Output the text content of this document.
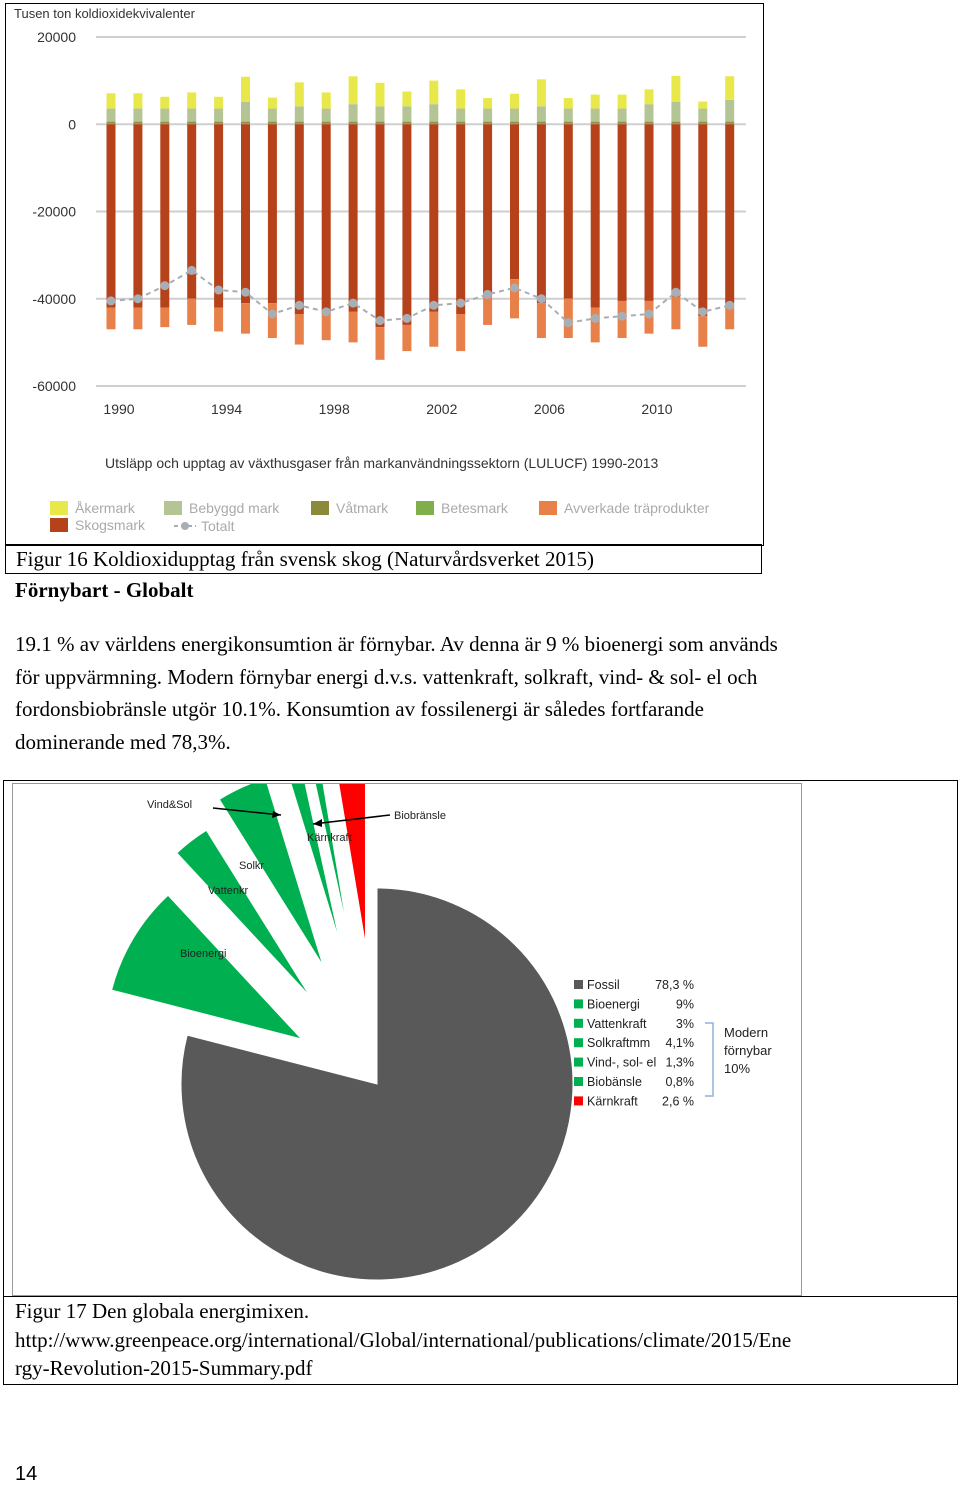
Tusen ton koldioxidekvivalenter
20000
0
-20000
-40000
-60000
1990	1994	1998	2002	2006	2010
Utsläpp och upptag av växthusgaser från markanvändningssektorn (LULUCF) 1990-2013
Åkermark	Bebyggd mark	Våtmark	Betesmark	Avverkade träprodukter
Skogsmark	Totalt
Figur 16 Koldioxidupptag från svensk skog (Naturvårdsverket 2015)
Förnybart - Globalt
19.1 % av världens energikonsumtion är förnybar. Av denna är 9 % bioenergi som används
för uppvärmning. Modern förnybar energi d.v.s. vattenkraft, solkraft, vind- & sol- el och
fordonsbiobränsle utgör 10.1%. Konsumtion av fossilenergi är således fortfarande
dominerande med 78,3%.
Bioenergi
Vattenkr
Solkr
Vind&Sol
Biobränsle
Kärnkraft
Fossil	78,3 %
Bioenergi	9%
Vattenkraft 3%
Solkraftmm 4,1%
Vind-, sol- el 1,3%
Biobänsle 0,8%
Kärnkraft 2,6 %
Modern
förnybar
10%
Figur 17 Den globala energimixen.
http://www.greenpeace.org/international/Global/international/publications/climate/2015/Ene
rgy-Revolution-2015-Summary.pdf
14
